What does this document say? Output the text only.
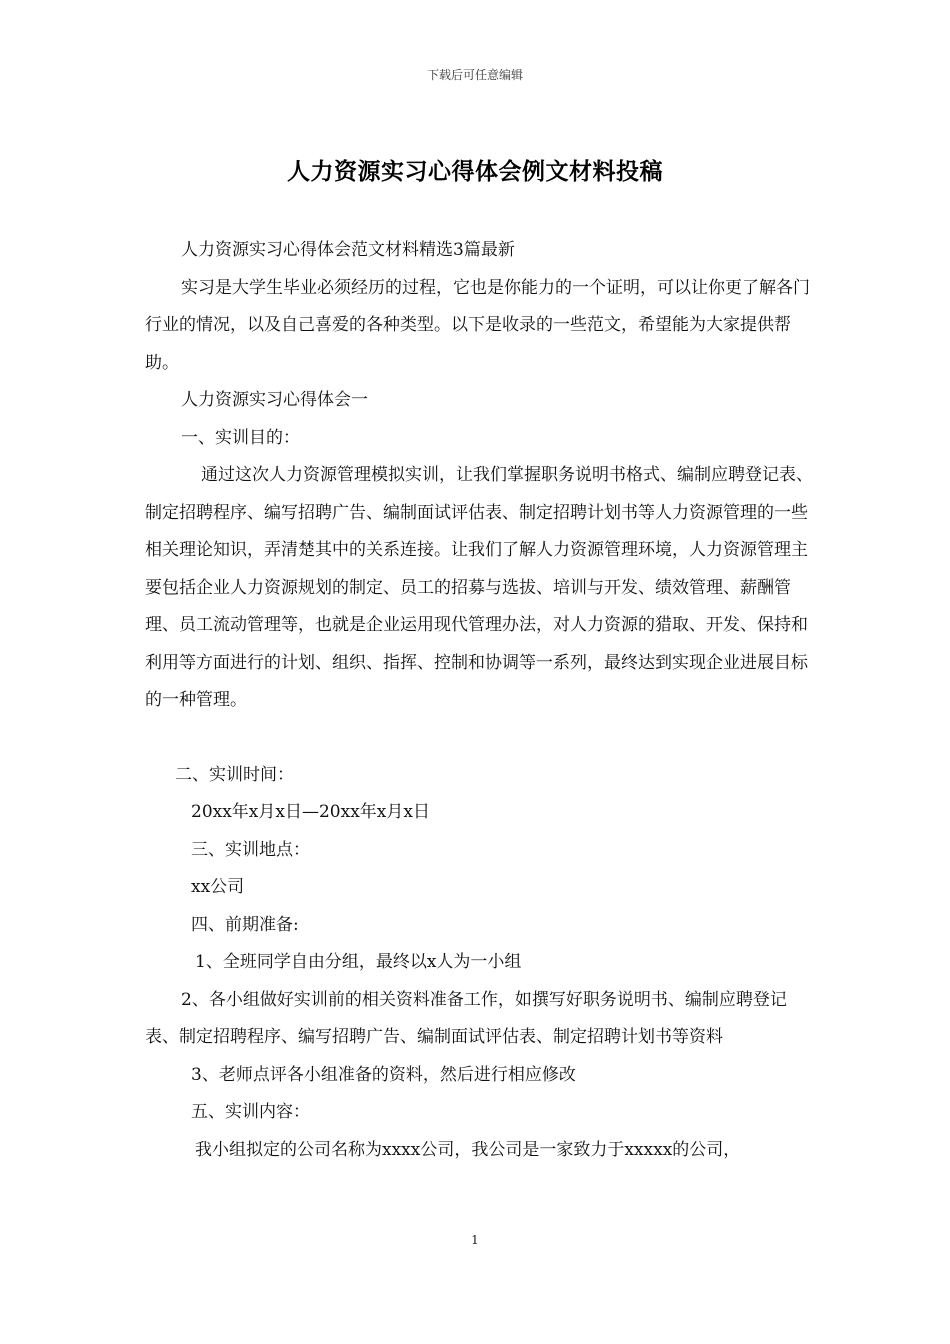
下载后可任意编辑
人力资源实习心得体会例文材料投稿

人力资源实习心得体会范文材料精选3篇最新

实习是大学生毕业必须经历的过程，它也是你能力的一个证明，可以让你更了解各门行业的情况，以及自己喜爱的各种类型。以下是收录的一些范文，希望能为大家提供帮助。

人力资源实习心得体会一

一、实训目的：

通过这次人力资源管理模拟实训，让我们掌握职务说明书格式、编制应聘登记表、制定招聘程序、编写招聘广告、编制面试评估表、制定招聘计划书等人力资源管理的一些相关理论知识，弄清楚其中的关系连接。让我们了解人力资源管理环境，人力资源管理主要包括企业人力资源规划的制定、员工的招募与选拔、培训与开发、绩效管理、薪酬管理、员工流动管理等，也就是企业运用现代管理办法，对人力资源的猎取、开发、保持和利用等方面进行的计划、组织、指挥、控制和协调等一系列，最终达到实现企业进展目标的一种管理。

二、实训时间：

20xx年x月x日—20xx年x月x日

三、实训地点：

xx公司

四、前期准备:

1、全班同学自由分组，最终以x人为一小组

2、各小组做好实训前的相关资料准备工作，如撰写好职务说明书、编制应聘登记表、制定招聘程序、编写招聘广告、编制面试评估表、制定招聘计划书等资料

3、老师点评各小组准备的资料，然后进行相应修改

五、实训内容：

我小组拟定的公司名称为xxxx公司，我公司是一家致力于xxxxx的公司，

1
